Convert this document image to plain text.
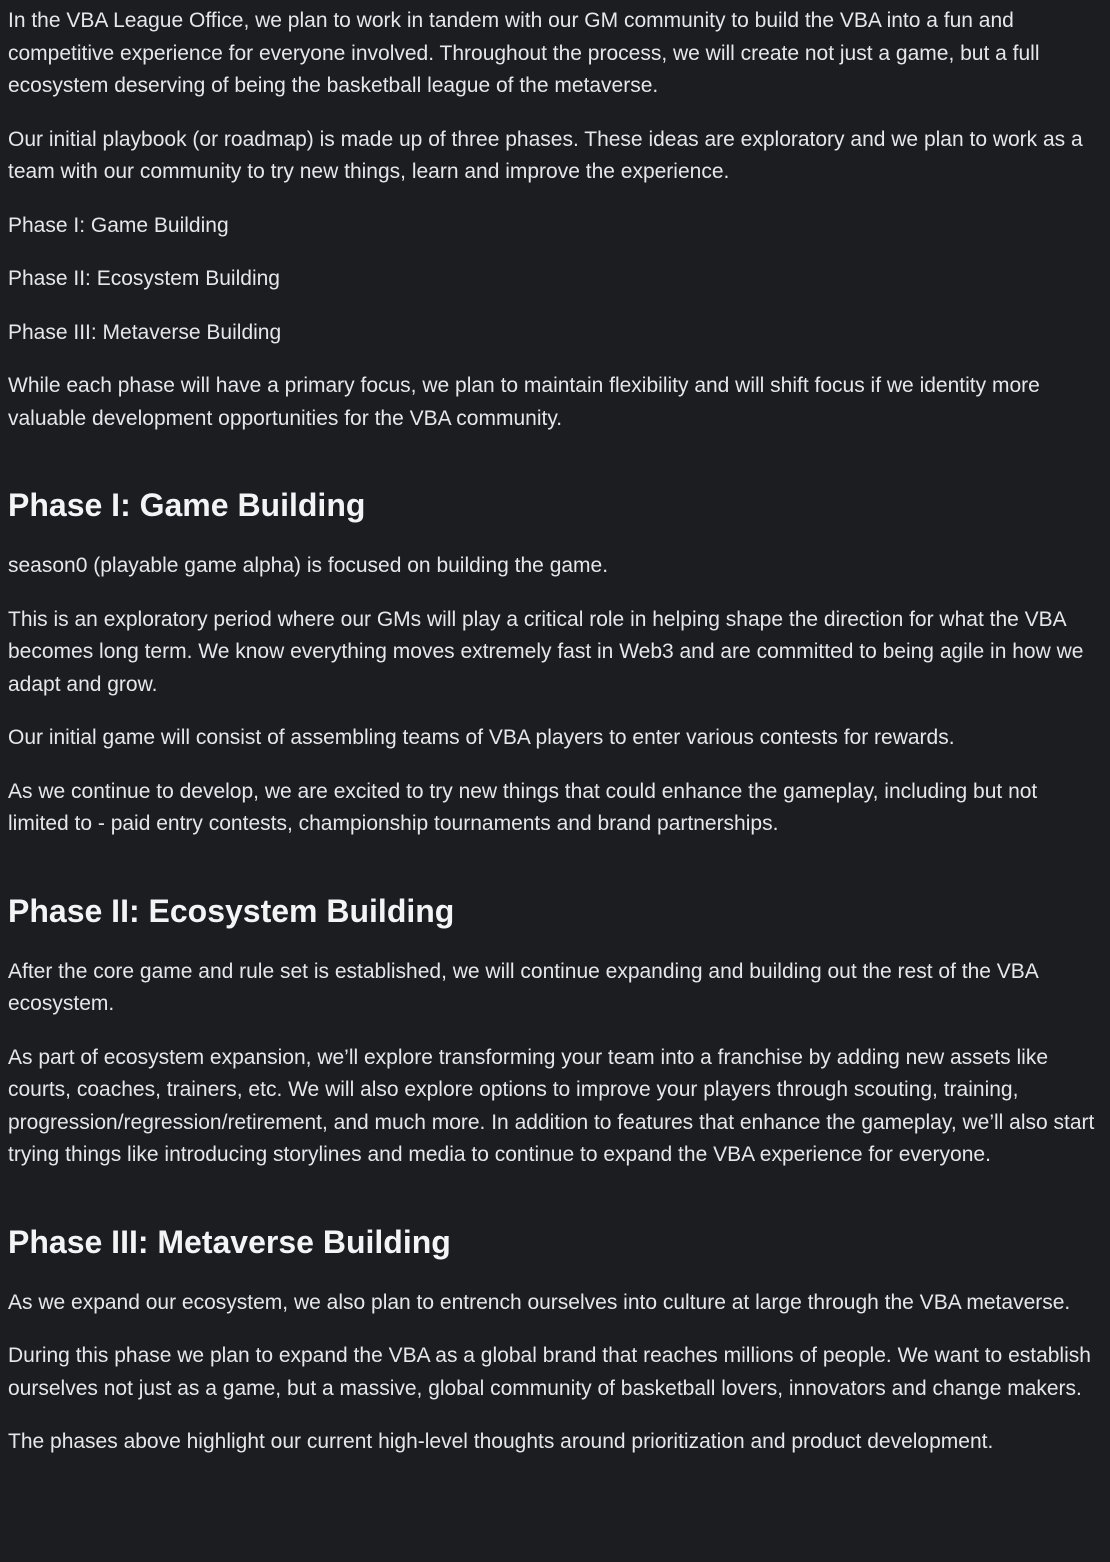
In the VBA League Office, we plan to work in tandem with our GM community to build the VBA into a fun and competitive experience for everyone involved. Throughout the process, we will create not just a game, but a full ecosystem deserving of being the basketball league of the metaverse.

Our initial playbook (or roadmap) is made up of three phases. These ideas are exploratory and we plan to work as a team with our community to try new things, learn and improve the experience.

Phase I: Game Building

Phase II: Ecosystem Building

Phase III: Metaverse Building

While each phase will have a primary focus, we plan to maintain flexibility and will shift focus if we identity more valuable development opportunities for the VBA community.

Phase I: Game Building

season0 (playable game alpha) is focused on building the game.

This is an exploratory period where our GMs will play a critical role in helping shape the direction for what the VBA becomes long term. We know everything moves extremely fast in Web3 and are committed to being agile in how we adapt and grow.

Our initial game will consist of assembling teams of VBA players to enter various contests for rewards.

As we continue to develop, we are excited to try new things that could enhance the gameplay, including but not limited to - paid entry contests, championship tournaments and brand partnerships.

Phase II: Ecosystem Building

After the core game and rule set is established, we will continue expanding and building out the rest of the VBA ecosystem.

As part of ecosystem expansion, we’ll explore transforming your team into a franchise by adding new assets like courts, coaches, trainers, etc. We will also explore options to improve your players through scouting, training, progression/regression/retirement, and much more. In addition to features that enhance the gameplay, we’ll also start trying things like introducing storylines and media to continue to expand the VBA experience for everyone.

Phase III: Metaverse Building

As we expand our ecosystem, we also plan to entrench ourselves into culture at large through the VBA metaverse.

During this phase we plan to expand the VBA as a global brand that reaches millions of people. We want to establish ourselves not just as a game, but a massive, global community of basketball lovers, innovators and change makers.

The phases above highlight our current high-level thoughts around prioritization and product development.
